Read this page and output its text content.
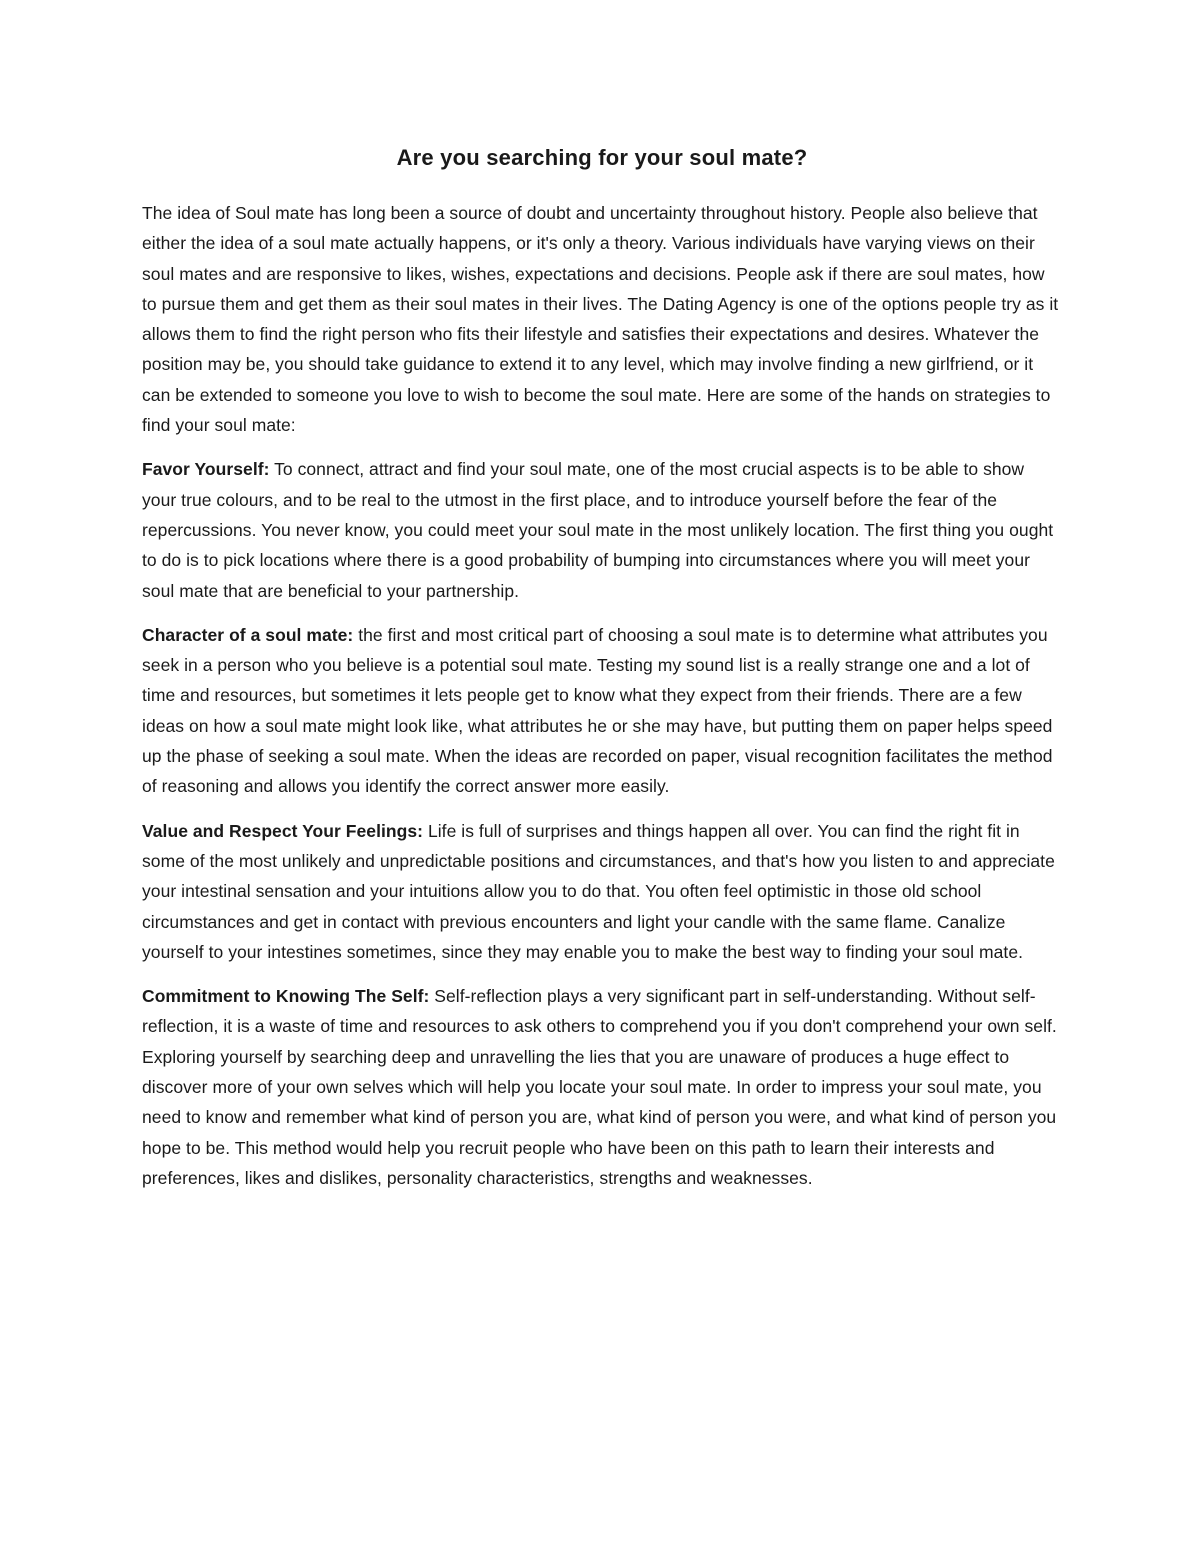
Are you searching for your soul mate?

The idea of Soul mate has long been a source of doubt and uncertainty throughout history. People also believe that either the idea of a soul mate actually happens, or it's only a theory. Various individuals have varying views on their soul mates and are responsive to likes, wishes, expectations and decisions. People ask if there are soul mates, how to pursue them and get them as their soul mates in their lives. The Dating Agency is one of the options people try as it allows them to find the right person who fits their lifestyle and satisfies their expectations and desires. Whatever the position may be, you should take guidance to extend it to any level, which may involve finding a new girlfriend, or it can be extended to someone you love to wish to become the soul mate. Here are some of the hands on strategies to find your soul mate:

Favor Yourself: To connect, attract and find your soul mate, one of the most crucial aspects is to be able to show your true colours, and to be real to the utmost in the first place, and to introduce yourself before the fear of the repercussions. You never know, you could meet your soul mate in the most unlikely location. The first thing you ought to do is to pick locations where there is a good probability of bumping into circumstances where you will meet your soul mate that are beneficial to your partnership.

Character of a soul mate: the first and most critical part of choosing a soul mate is to determine what attributes you seek in a person who you believe is a potential soul mate. Testing my sound list is a really strange one and a lot of time and resources, but sometimes it lets people get to know what they expect from their friends. There are a few ideas on how a soul mate might look like, what attributes he or she may have, but putting them on paper helps speed up the phase of seeking a soul mate. When the ideas are recorded on paper, visual recognition facilitates the method of reasoning and allows you identify the correct answer more easily.

Value and Respect Your Feelings: Life is full of surprises and things happen all over. You can find the right fit in some of the most unlikely and unpredictable positions and circumstances, and that's how you listen to and appreciate your intestinal sensation and your intuitions allow you to do that. You often feel optimistic in those old school circumstances and get in contact with previous encounters and light your candle with the same flame. Canalize yourself to your intestines sometimes, since they may enable you to make the best way to finding your soul mate.

Commitment to Knowing The Self: Self-reflection plays a very significant part in self-understanding. Without self-reflection, it is a waste of time and resources to ask others to comprehend you if you don't comprehend your own self. Exploring yourself by searching deep and unravelling the lies that you are unaware of produces a huge effect to discover more of your own selves which will help you locate your soul mate. In order to impress your soul mate, you need to know and remember what kind of person you are, what kind of person you were, and what kind of person you hope to be. This method would help you recruit people who have been on this path to learn their interests and preferences, likes and dislikes, personality characteristics, strengths and weaknesses.
